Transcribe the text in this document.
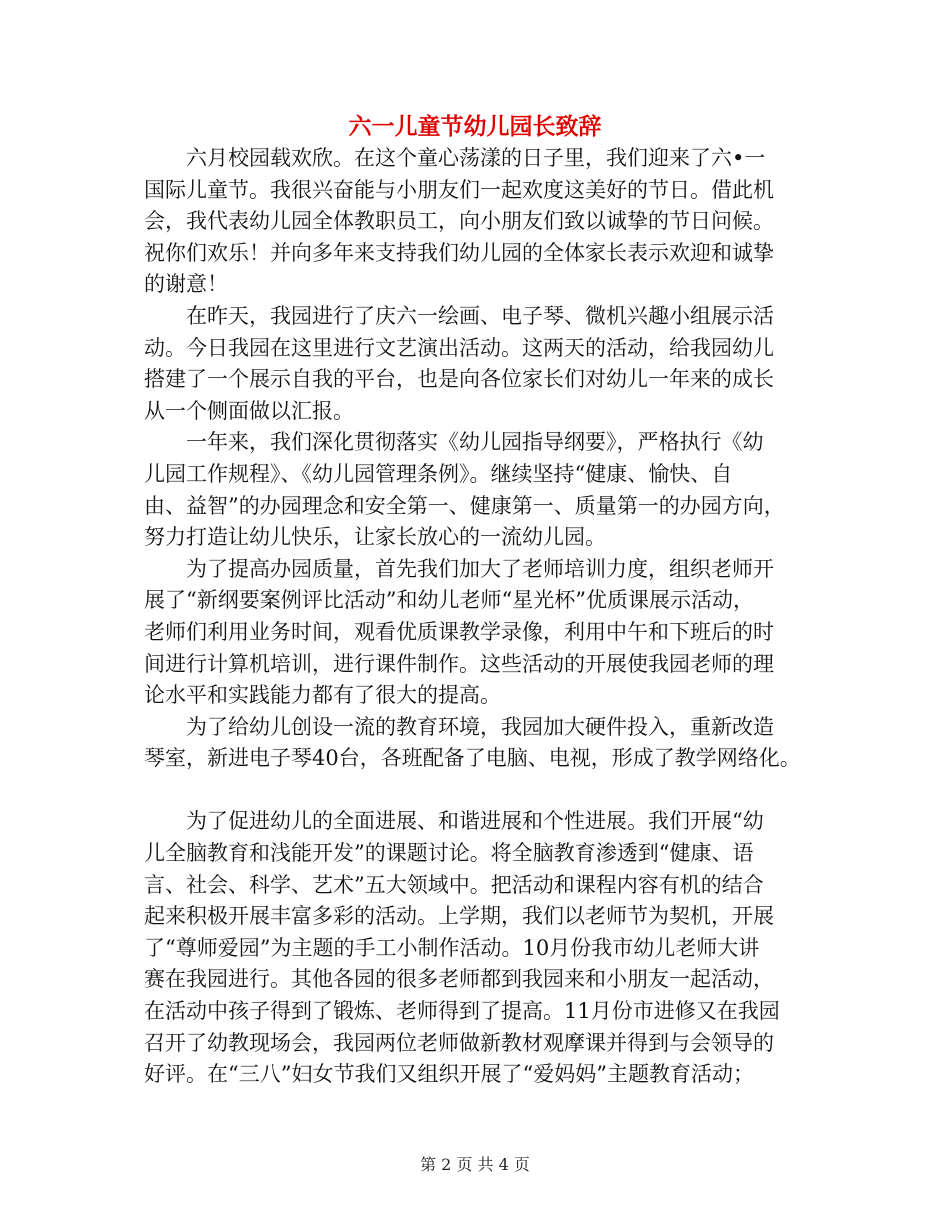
六一儿童节幼儿园长致辞
六月校园载欢欣。在这个童心荡漾的日子里，我们迎来了六•一
国际儿童节。我很兴奋能与小朋友们一起欢度这美好的节日。借此机
会，我代表幼儿园全体教职员工，向小朋友们致以诚挚的节日问候。
祝你们欢乐！并向多年来支持我们幼儿园的全体家长表示欢迎和诚挚
的谢意！
在昨天，我园进行了庆六一绘画、电子琴、微机兴趣小组展示活
动。今日我园在这里进行文艺演出活动。这两天的活动，给我园幼儿
搭建了一个展示自我的平台，也是向各位家长们对幼儿一年来的成长
从一个侧面做以汇报。
一年来，我们深化贯彻落实《幼儿园指导纲要》，严格执行《幼
儿园工作规程》、《幼儿园管理条例》。继续坚持“健康、愉快、自
由、益智”的办园理念和安全第一、健康第一、质量第一的办园方向，
努力打造让幼儿快乐，让家长放心的一流幼儿园。
为了提高办园质量，首先我们加大了老师培训力度，组织老师开
展了“新纲要案例评比活动”和幼儿老师“星光杯”优质课展示活动，
老师们利用业务时间，观看优质课教学录像，利用中午和下班后的时
间进行计算机培训，进行课件制作。这些活动的开展使我园老师的理
论水平和实践能力都有了很大的提高。
为了给幼儿创设一流的教育环境，我园加大硬件投入，重新改造
琴室，新进电子琴40台，各班配备了电脑、电视，形成了教学网络化。
为了促进幼儿的全面进展、和谐进展和个性进展。我们开展“幼
儿全脑教育和浅能开发”的课题讨论。将全脑教育渗透到“健康、语
言、社会、科学、艺术”五大领域中。把活动和课程内容有机的结合
起来积极开展丰富多彩的活动。上学期，我们以老师节为契机，开展
了“尊师爱园”为主题的手工小制作活动。10月份我市幼儿老师大讲
赛在我园进行。其他各园的很多老师都到我园来和小朋友一起活动，
在活动中孩子得到了锻炼、老师得到了提高。11月份市进修又在我园
召开了幼教现场会，我园两位老师做新教材观摩课并得到与会领导的
好评。在“三八”妇女节我们又组织开展了“爱妈妈”主题教育活动；
第 2 页 共 4 页
